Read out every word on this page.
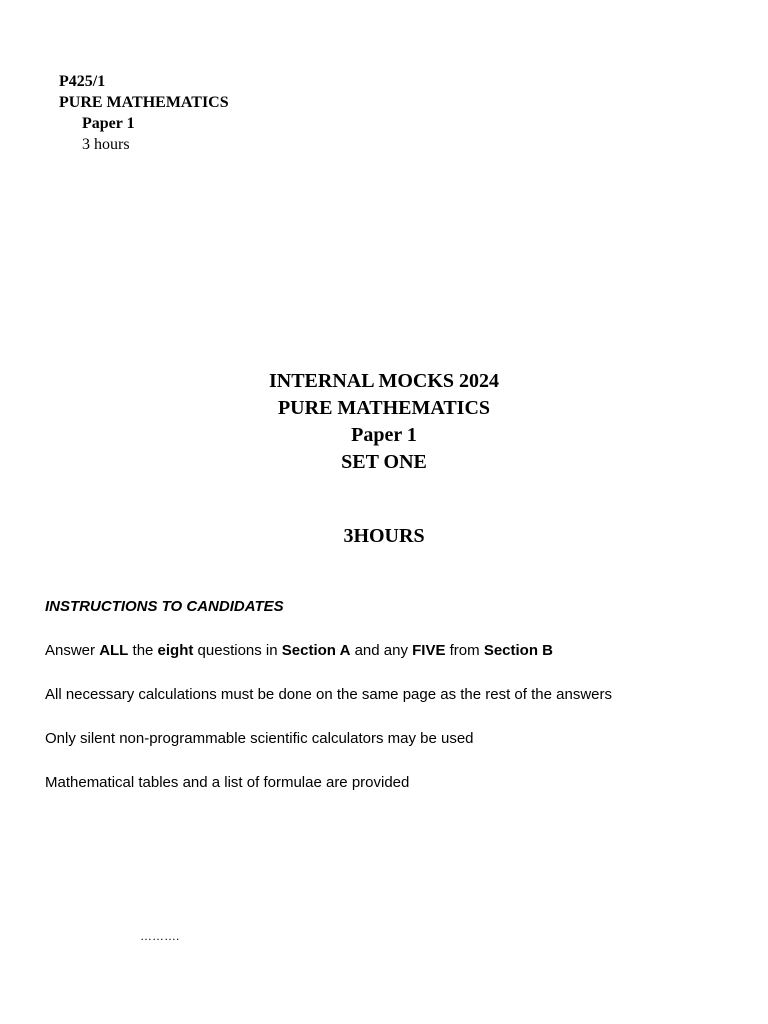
P425/1
PURE MATHEMATICS
Paper 1
3 hours
INTERNAL MOCKS 2024
PURE MATHEMATICS
Paper 1
SET ONE
3HOURS
INSTRUCTIONS TO CANDIDATES
Answer ALL the eight questions in Section A and any FIVE from Section B
All necessary calculations must be done on the same page as the rest of the answers
Only silent non-programmable scientific calculators may be used
Mathematical tables and a list of formulae are provided
……….
